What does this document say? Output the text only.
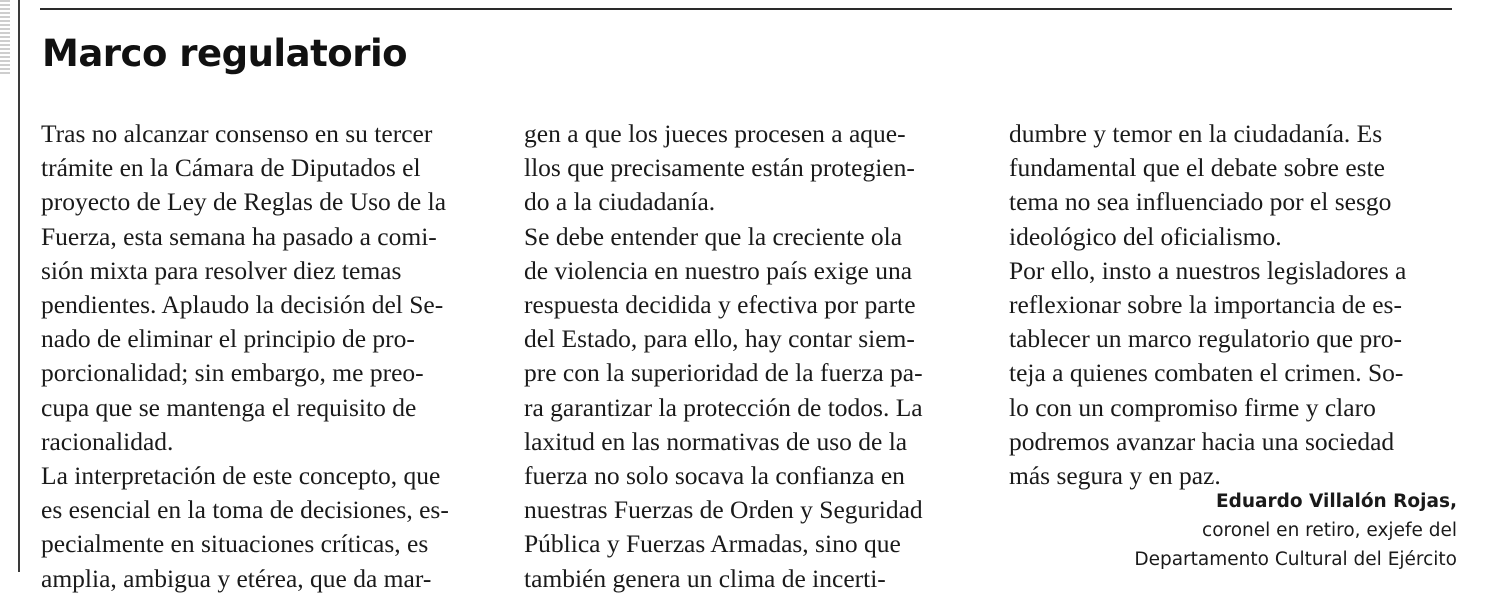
Marco regulatorio
Tras no alcanzar consenso en su tercer
trámite en la Cámara de Diputados el
proyecto de Ley de Reglas de Uso de la
Fuerza, esta semana ha pasado a comi-
sión mixta para resolver diez temas
pendientes. Aplaudo la decisión del Se-
nado de eliminar el principio de pro-
porcionalidad; sin embargo, me preo-
cupa que se mantenga el requisito de
racionalidad.
La interpretación de este concepto, que
es esencial en la toma de decisiones, es-
pecialmente en situaciones críticas, es
amplia, ambigua y etérea, que da mar-
gen a que los jueces procesen a aque-
llos que precisamente están protegien-
do a la ciudadanía.
Se debe entender que la creciente ola
de violencia en nuestro país exige una
respuesta decidida y efectiva por parte
del Estado, para ello, hay contar siem-
pre con la superioridad de la fuerza pa-
ra garantizar la protección de todos. La
laxitud en las normativas de uso de la
fuerza no solo socava la confianza en
nuestras Fuerzas de Orden y Seguridad
Pública y Fuerzas Armadas, sino que
también genera un clima de incerti-
dumbre y temor en la ciudadanía. Es
fundamental que el debate sobre este
tema no sea influenciado por el sesgo
ideológico del oficialismo.
Por ello, insto a nuestros legisladores a
reflexionar sobre la importancia de es-
tablecer un marco regulatorio que pro-
teja a quienes combaten el crimen. So-
lo con un compromiso firme y claro
podremos avanzar hacia una sociedad
más segura y en paz.
Eduardo Villalón Rojas,
coronel en retiro, exjefe del
Departamento Cultural del Ejército
